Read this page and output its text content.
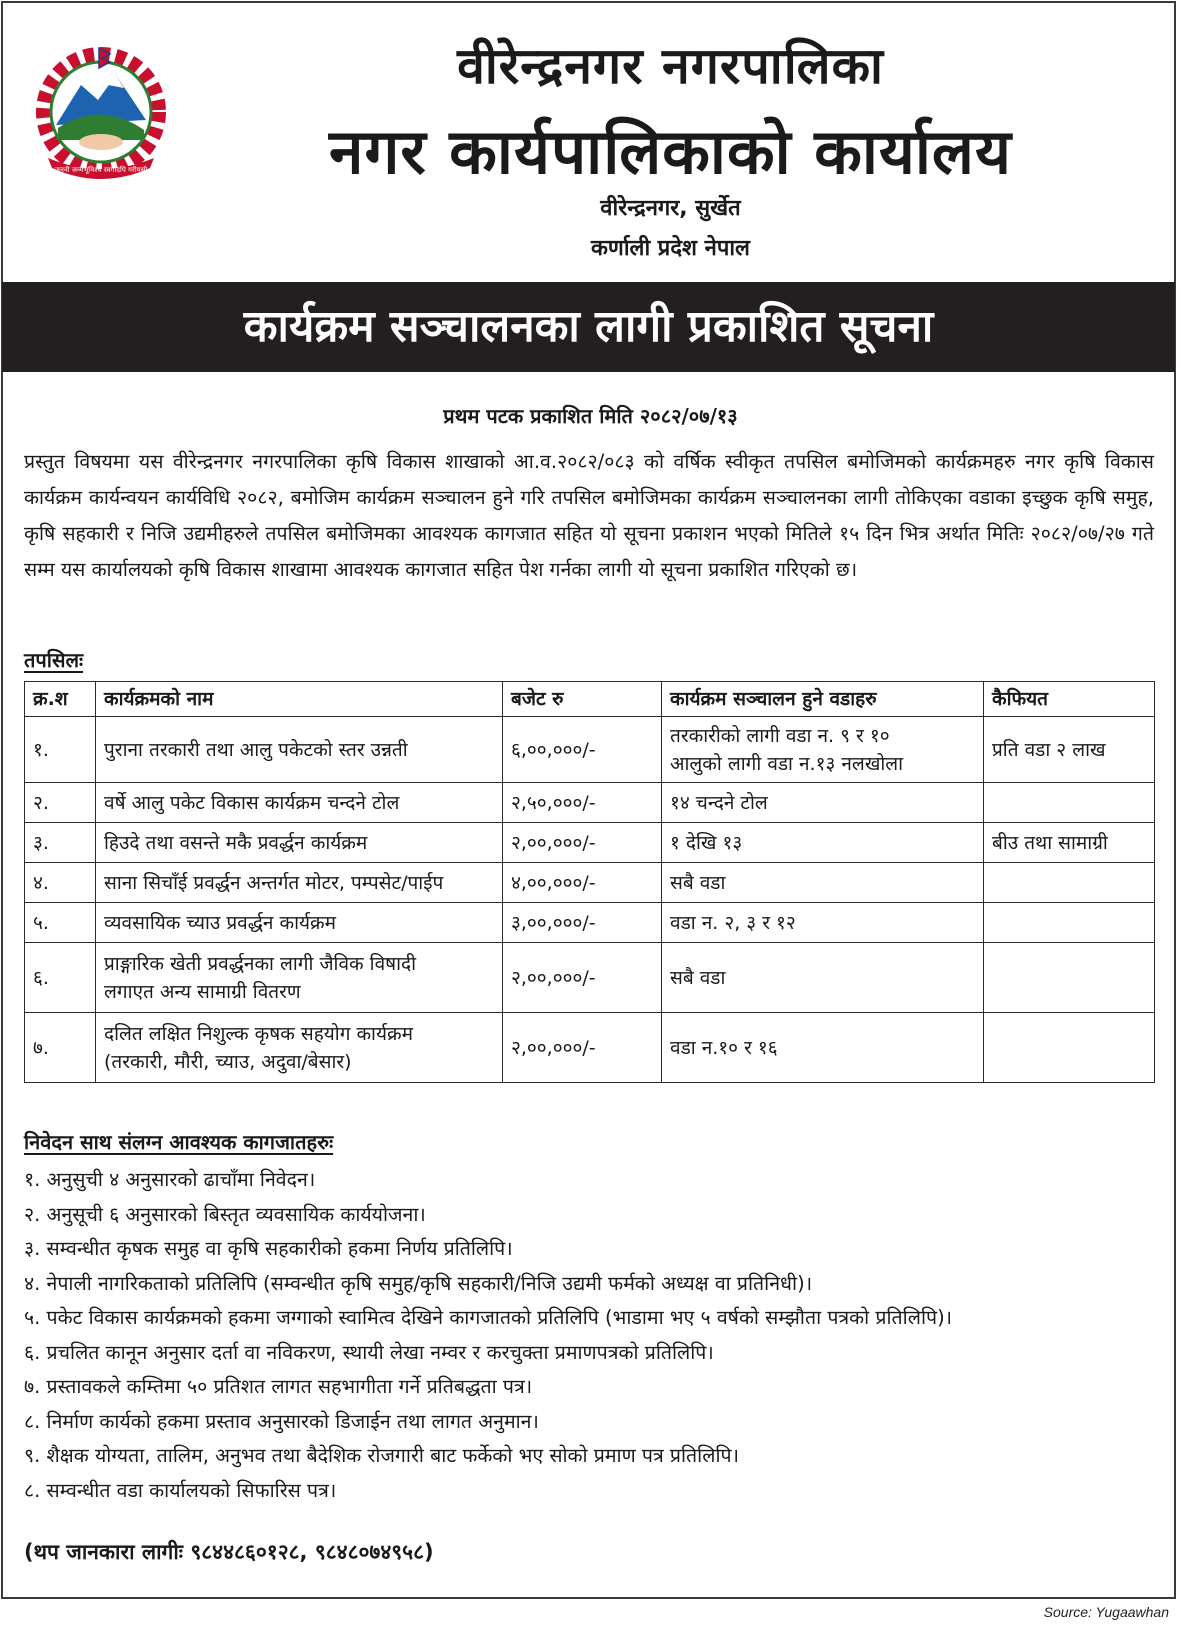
जननी जन्मभूमिश्च स्वर्गादपि गरीयसी
वीरेन्द्रनगर नगरपालिका
नगर कार्यपालिकाको कार्यालय
वीरेन्द्रनगर, सुर्खेत
कर्णाली प्रदेश नेपाल
कार्यक्रम सञ्चालनका लागी प्रकाशित सूचना
प्रथम पटक प्रकाशित मिति २०८२/०७/१३
प्रस्तुत विषयमा यस वीरेन्द्रनगर नगरपालिका कृषि विकास शाखाको आ.व.२०८२/०८३ को वर्षिक स्वीकृत तपसिल बमोजिमको कार्यक्रमहरु नगर कृषि विकास कार्यक्रम कार्यन्वयन कार्यविधि २०८२, बमोजिम कार्यक्रम सञ्चालन हुने गरि तपसिल बमोजिमका कार्यक्रम सञ्चालनका लागी तोकिएका वडाका इच्छुक कृषि समुह, कृषि सहकारी र निजि उद्यमीहरुले तपसिल बमोजिमका आवश्यक कागजात सहित यो सूचना प्रकाशन भएको मितिले १५ दिन भित्र अर्थात मितिः २०८२/०७/२७ गते सम्म यस कार्यालयको कृषि विकास शाखामा आवश्यक कागजात सहित पेश गर्नका लागी यो सूचना प्रकाशित गरिएको छ।
तपसिलः
क्र.श	कार्यक्रमको नाम	बजेट रु	कार्यक्रम सञ्चालन हुने वडाहरु	कैफियत
१.	पुराना तरकारी तथा आलु पकेटको स्तर उन्नती	६,००,०००/-	तरकारीको लागी वडा न. ९ र १०
आलुको लागी वडा न.१३ नलखोला	प्रति वडा २ लाख
२.	वर्षे आलु पकेट विकास कार्यक्रम चन्दने टोल	२,५०,०००/-	१४ चन्दने टोल	
३.	हिउदे तथा वसन्ते मकै प्रवर्द्धन कार्यक्रम	२,००,०००/-	१ देखि १३	बीउ तथा सामाग्री
४.	साना सिचाँई प्रवर्द्धन अन्तर्गत मोटर, पम्पसेट/पाईप	४,००,०००/-	सबै वडा	
५.	व्यवसायिक च्याउ प्रवर्द्धन कार्यक्रम	३,००,०००/-	वडा न. २, ३ र १२	
६.	प्राङ्गारिक खेती प्रवर्द्धनका लागी जैविक विषादी
लगाएत अन्य सामाग्री वितरण	२,००,०००/-	सबै वडा	
७.	दलित लक्षित निशुल्क कृषक सहयोग कार्यक्रम
(तरकारी, मौरी, च्याउ, अदुवा/बेसार)	२,००,०००/-	वडा न.१० र १६	
निवेदन साथ संलग्न आवश्यक कागजातहरुः
१. अनुसुची ४ अनुसारको ढाचाँमा निवेदन।
२. अनुसूची ६ अनुसारको बिस्तृत व्यवसायिक कार्ययोजना।
३. सम्वन्धीत कृषक समुह वा कृषि सहकारीको हकमा निर्णय प्रतिलिपि।
४. नेपाली नागरिकताको प्रतिलिपि (सम्वन्धीत कृषि समुह/कृषि सहकारी/निजि उद्यमी फर्मको अध्यक्ष वा प्रतिनिधी)।
५. पकेट विकास कार्यक्रमको हकमा जग्गाको स्वामित्व देखिने कागजातको प्रतिलिपि (भाडामा भए ५ वर्षको सम्झौता पत्रको प्रतिलिपि)।
६. प्रचलित कानून अनुसार दर्ता वा नविकरण, स्थायी लेखा नम्वर र करचुक्ता प्रमाणपत्रको प्रतिलिपि।
७. प्रस्तावकले कम्तिमा ५० प्रतिशत लागत सहभागीता गर्ने प्रतिबद्धता पत्र।
८. निर्माण कार्यको हकमा प्रस्ताव अनुसारको डिजाईन तथा लागत अनुमान।
९. शैक्षक योग्यता, तालिम, अनुभव तथा बैदेशिक रोजगारी बाट फर्केको भए सोको प्रमाण पत्र प्रतिलिपि।
८. सम्वन्धीत वडा कार्यालयको सिफारिस पत्र।
(थप जानकारा लागीः ९८४४८६०१२८, ९८४८०७४९५८)
Source: Yugaawhan
